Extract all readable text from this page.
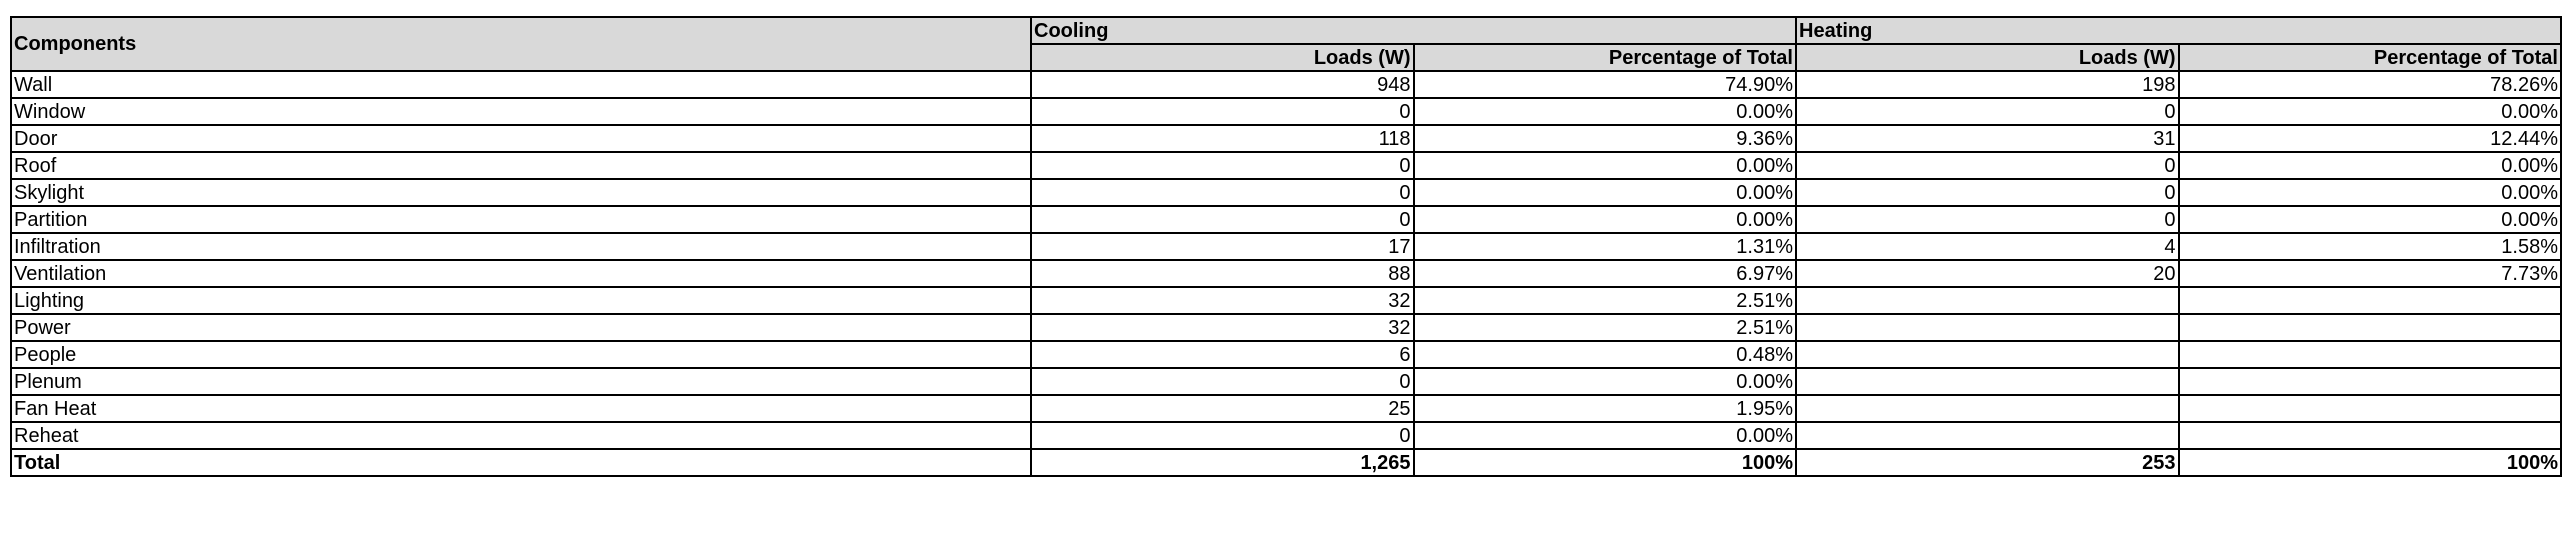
Components	Cooling		Heating	
	Loads (W)	Percentage of Total	Loads (W)	Percentage of Total
Wall	948	74.90%	198	78.26%
Window	0	0.00%	0	0.00%
Door	118	9.36%	31	12.44%
Roof	0	0.00%	0	0.00%
Skylight	0	0.00%	0	0.00%
Partition	0	0.00%	0	0.00%
Infiltration	17	1.31%	4	1.58%
Ventilation	88	6.97%	20	7.73%
Lighting	32	2.51%		
Power	32	2.51%		
People	6	0.48%		
Plenum	0	0.00%		
Fan Heat	25	1.95%		
Reheat	0	0.00%		
Total	1,265	100%	253	100%
